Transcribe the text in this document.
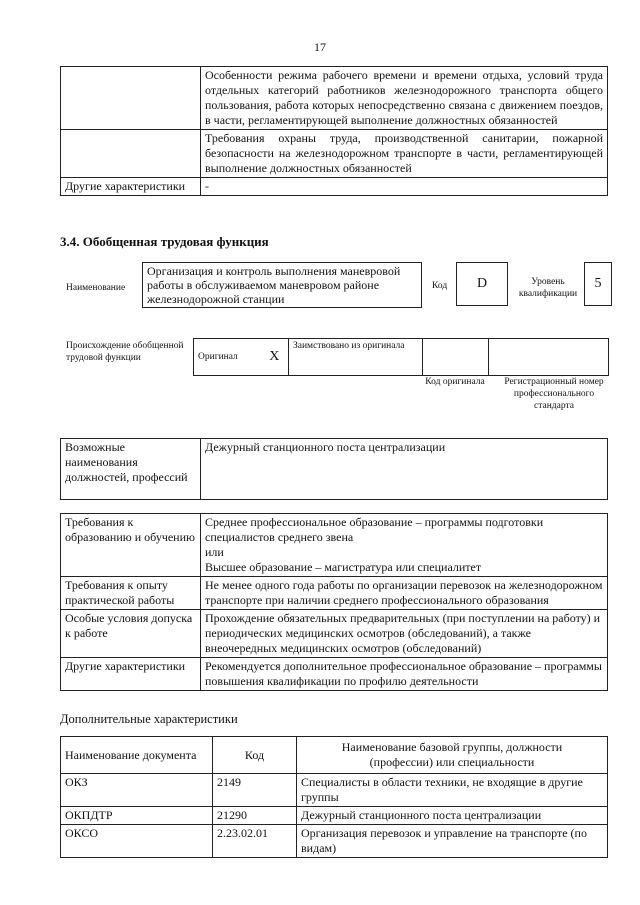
17
	Особенности режима рабочего времени и времени отдыха, условий труда отдельных категорий работников железнодорожного транспорта общего пользования, работа которых непосредственно связана с движением поездов, в части, регламентирующей выполнение должностных обязанностей
	Требования охраны труда, производственной санитарии, пожарной безопасности на железнодорожном транспорте в части, регламентирующей выполнение должностных обязанностей
Другие характеристики	-
3.4. Обобщенная трудовая функция
Наименование
Организация и контроль выполнения маневровой работы в обслуживаемом маневровом районе железнодорожной станции
Код	D	Уровень квалификации
5
Происхождение обобщенной трудовой функции	Оригинал	X	Заимствовано из оригинала		
Код оригинала	Регистрационный номер профессионального стандарта
Возможные наименования должностей, профессий	Дежурный станционного поста централизации
Требования к образованию и обучению	Среднее профессиональное образование – программы подготовки специалистов среднего звена
или
Высшее образование – магистратура или специалитет

Требования к опыту практической работы	Не менее одного года работы по организации перевозок на железнодорожном транспорте при наличии среднего профессионального образования
Особые условия допуска к работе	Прохождение обязательных предварительных (при поступлении на работу) и периодических медицинских осмотров (обследований), а также внеочередных медицинских осмотров (обследований)
Другие характеристики	Рекомендуется дополнительное профессиональное образование – программы повышения квалификации по профилю деятельности
Дополнительные характеристики
Наименование документа	Код	Наименование базовой группы, должности (профессии) или специальности
ОКЗ	2149	Специалисты в области техники, не входящие в другие группы
ОКПДТР	21290	Дежурный станционного поста централизации
ОКСО	2.23.02.01	Организация перевозок и управление на транспорте (по видам)
